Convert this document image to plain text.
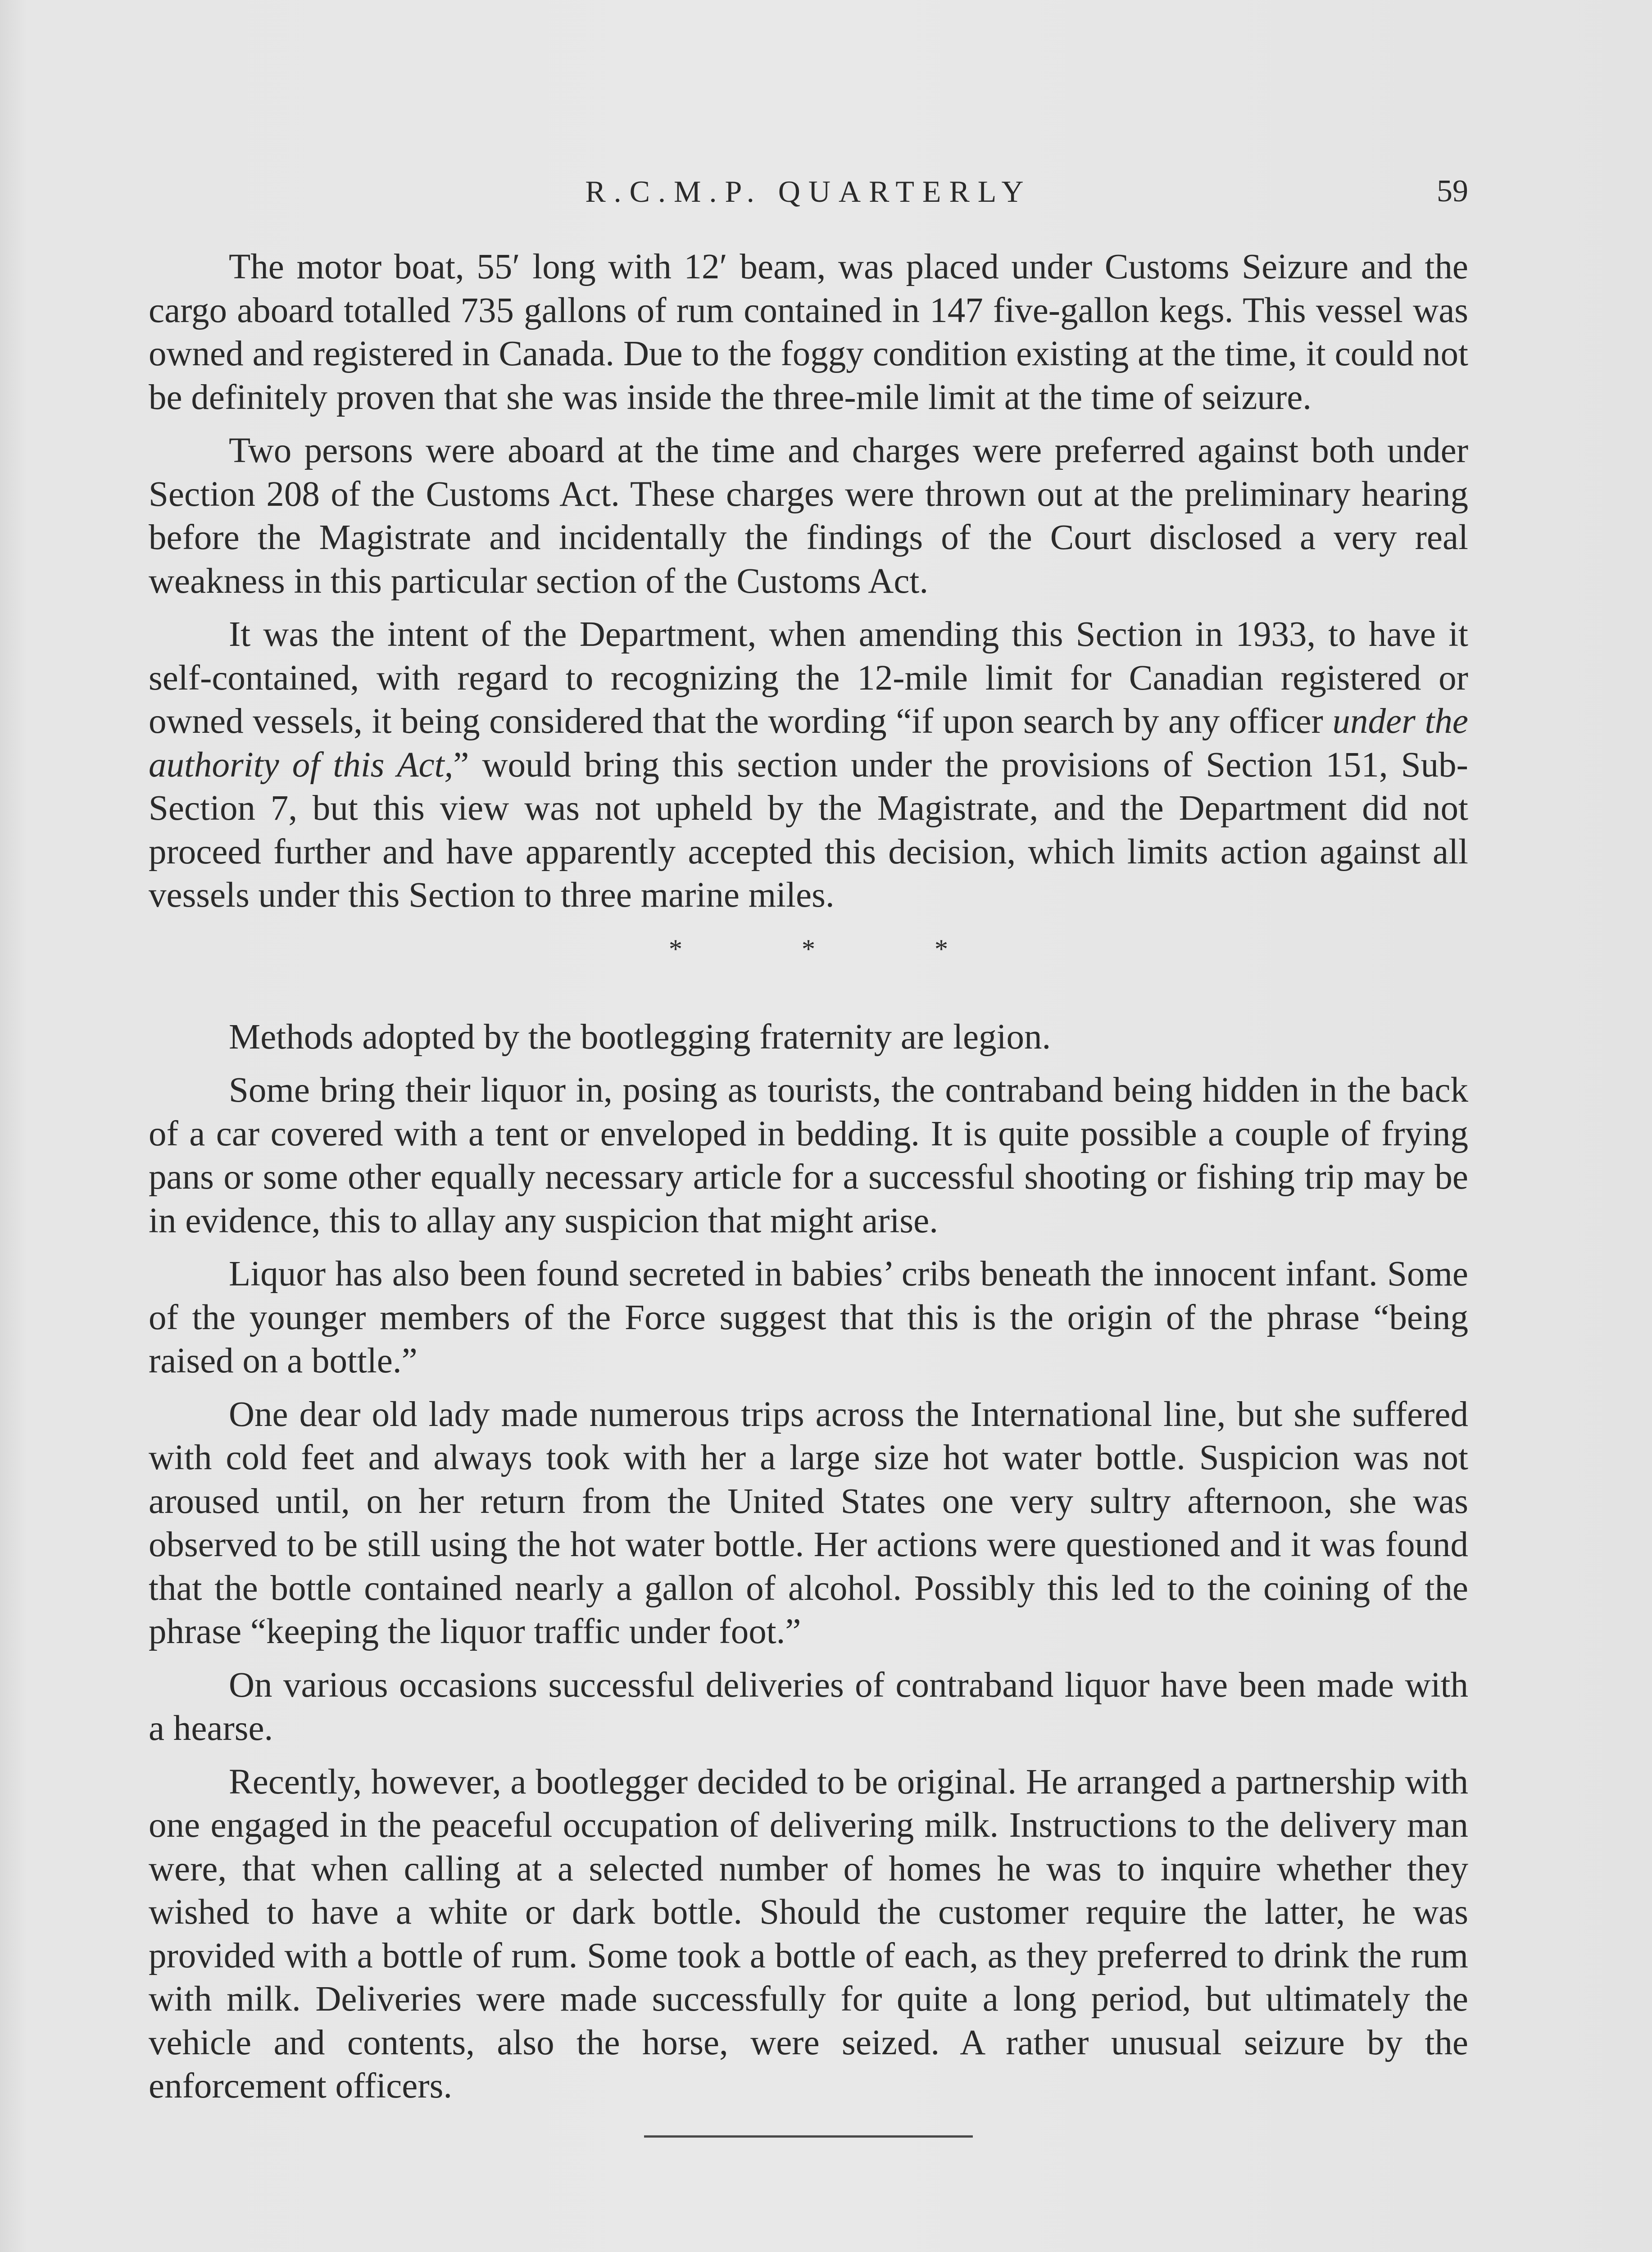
R.C.M.P. QUARTERLY	59

The motor boat, 55′ long with 12′ beam, was placed under Customs Seizure and the cargo aboard totalled 735 gallons of rum contained in 147 five-gallon kegs. This vessel was owned and registered in Canada. Due to the foggy condition existing at the time, it could not be definitely proven that she was inside the three-mile limit at the time of seizure.

Two persons were aboard at the time and charges were preferred against both under Section 208 of the Customs Act. These charges were thrown out at the preliminary hearing before the Magistrate and incidentally the findings of the Court disclosed a very real weakness in this particular section of the Customs Act.

It was the intent of the Department, when amending this Section in 1933, to have it self-contained, with regard to recognizing the 12-mile limit for Canadian registered or owned vessels, it being considered that the wording “if upon search by any officer under the authority of this Act,” would bring this section under the provisions of Section 151, Sub-Section 7, but this view was not upheld by the Magistrate, and the Department did not proceed further and have apparently accepted this decision, which limits action against all vessels under this Section to three marine miles.

* * *

Methods adopted by the bootlegging fraternity are legion.

Some bring their liquor in, posing as tourists, the contraband being hidden in the back of a car covered with a tent or enveloped in bedding. It is quite possible a couple of frying pans or some other equally necessary article for a successful shooting or fishing trip may be in evidence, this to allay any suspicion that might arise.

Liquor has also been found secreted in babies’ cribs beneath the innocent infant. Some of the younger members of the Force suggest that this is the origin of the phrase “being raised on a bottle.”

One dear old lady made numerous trips across the International line, but she suffered with cold feet and always took with her a large size hot water bottle. Suspicion was not aroused until, on her return from the United States one very sultry afternoon, she was observed to be still using the hot water bottle. Her actions were questioned and it was found that the bottle contained nearly a gallon of alcohol. Possibly this led to the coining of the phrase “keeping the liquor traffic under foot.”

On various occasions successful deliveries of contraband liquor have been made with a hearse.

Recently, however, a bootlegger decided to be original. He arranged a partnership with one engaged in the peaceful occupation of delivering milk. Instructions to the delivery man were, that when calling at a selected number of homes he was to inquire whether they wished to have a white or dark bottle. Should the customer require the latter, he was provided with a bottle of rum. Some took a bottle of each, as they preferred to drink the rum with milk. Deliveries were made successfully for quite a long period, but ultimately the vehicle and contents, also the horse, were seized. A rather unusual seizure by the enforcement officers.
